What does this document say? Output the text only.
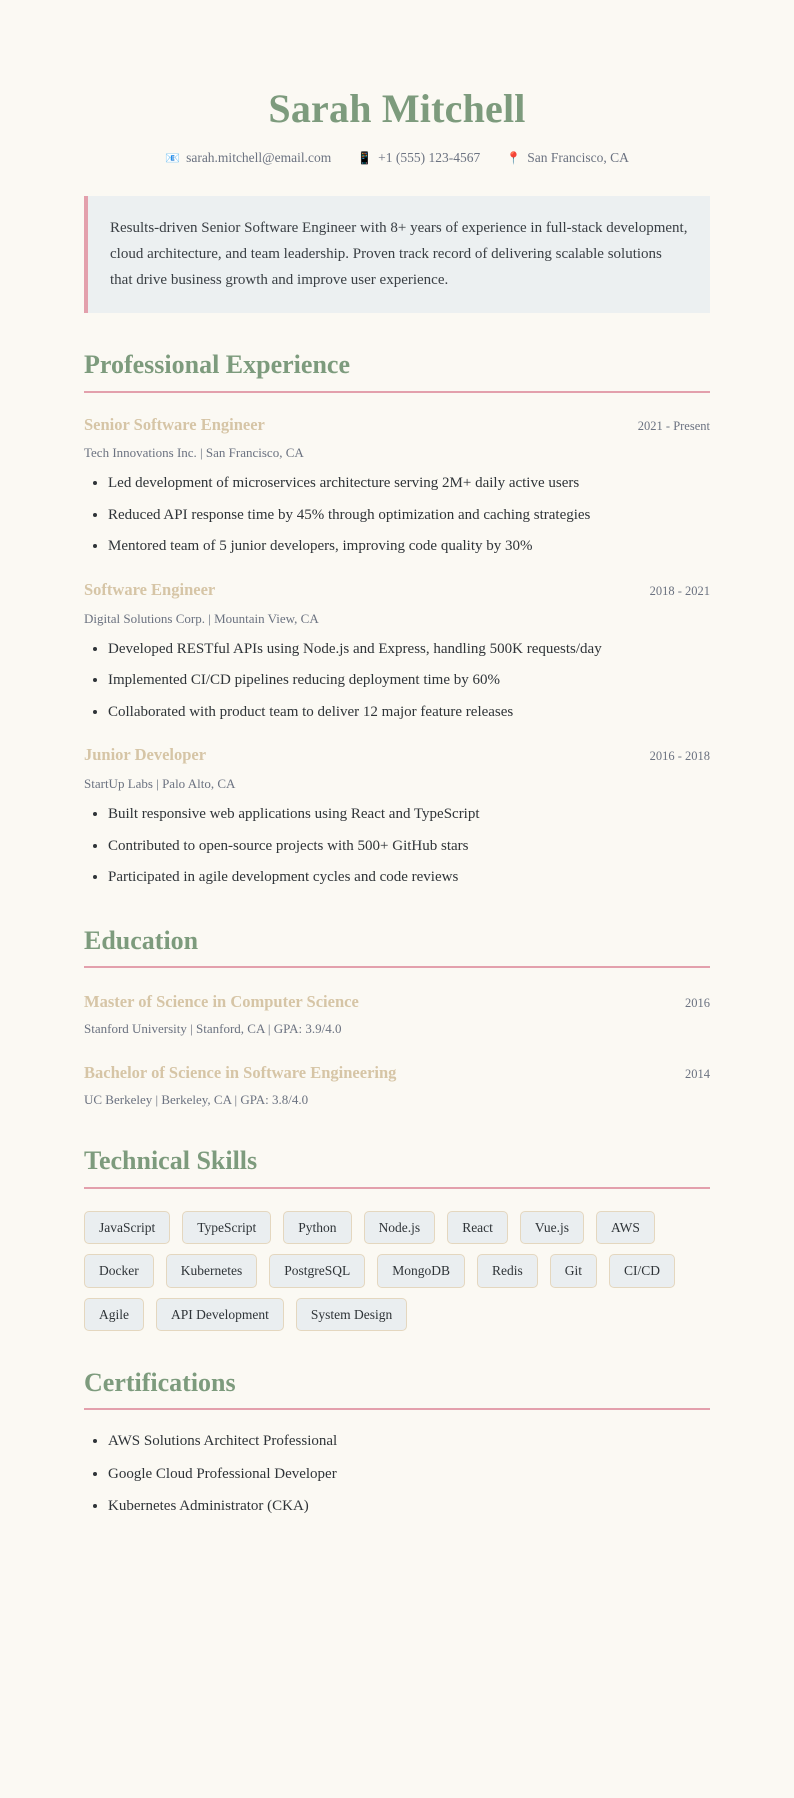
Sarah Mitchell
📧 sarah.mitchell@email.com 📱 +1 (555) 123-4567 📍 San Francisco, CA
Results-driven Senior Software Engineer with 8+ years of experience in full-stack development, cloud architecture, and team leadership. Proven track record of delivering scalable solutions that drive business growth and improve user experience.
Professional Experience
Senior Software Engineer	2021 - Present
Tech Innovations Inc. | San Francisco, CA
• Led development of microservices architecture serving 2M+ daily active users
• Reduced API response time by 45% through optimization and caching strategies
• Mentored team of 5 junior developers, improving code quality by 30%
Software Engineer	2018 - 2021
Digital Solutions Corp. | Mountain View, CA
• Developed RESTful APIs using Node.js and Express, handling 500K requests/day
• Implemented CI/CD pipelines reducing deployment time by 60%
• Collaborated with product team to deliver 12 major feature releases
Junior Developer	2016 - 2018
StartUp Labs | Palo Alto, CA
• Built responsive web applications using React and TypeScript
• Contributed to open-source projects with 500+ GitHub stars
• Participated in agile development cycles and code reviews
Education
Master of Science in Computer Science	2016
Stanford University | Stanford, CA | GPA: 3.9/4.0
Bachelor of Science in Software Engineering	2014
UC Berkeley | Berkeley, CA | GPA: 3.8/4.0
Technical Skills
JavaScript	TypeScript	Python	Node.js	React	Vue.js	AWS
Docker	Kubernetes	PostgreSQL	MongoDB	Redis	Git	CI/CD
Agile	API Development	System Design
Certifications
• AWS Solutions Architect Professional
• Google Cloud Professional Developer
• Kubernetes Administrator (CKA)
